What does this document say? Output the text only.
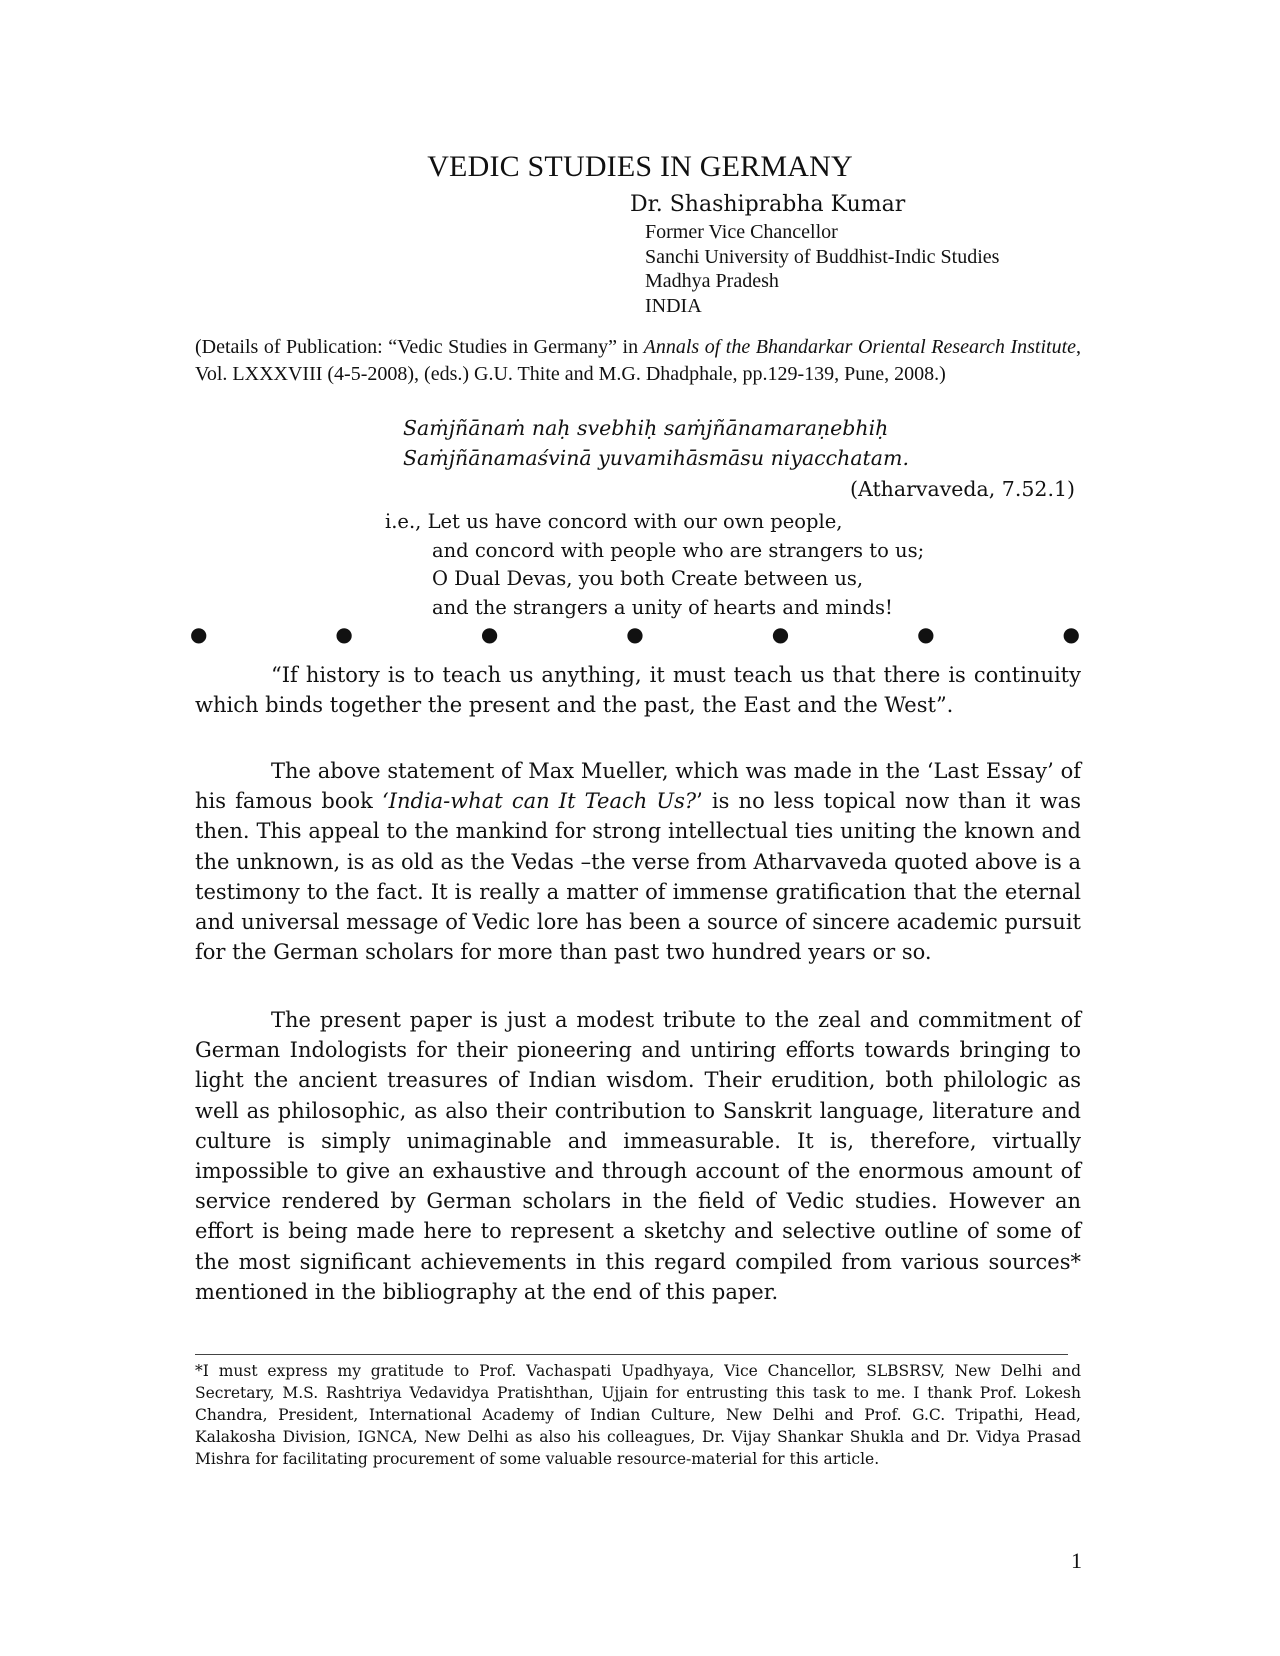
VEDIC STUDIES IN GERMANY
Dr. Shashiprabha Kumar
Former Vice Chancellor
Sanchi University of Buddhist-Indic Studies
Madhya Pradesh
INDIA
(Details of Publication: “Vedic Studies in Germany” in Annals of the Bhandarkar Oriental Research Institute, Vol. LXXXVIII (4-5-2008), (eds.) G.U. Thite and M.G. Dhadphale, pp.129-139, Pune, 2008.)
Saṁjñānaṁ naḥ svebhiḥ saṁjñānamaraṇebhiḥ
Saṁjñānamaśvinā yuvamihāsmāsu niyacchatam.
(Atharvaveda, 7.52.1)
i.e., Let us have concord with our own people,
and concord with people who are strangers to us;
O Dual Devas, you both Create between us,
and the strangers a unity of hearts and minds!
●	●	●	●	●	●	●

“If history is to teach us anything, it must teach us that there is continuity which binds together the present and the past, the East and the West”.

The above statement of Max Mueller, which was made in the ‘Last Essay’ of his famous book ‘India-what can It Teach Us?’ is no less topical now than it was then. This appeal to the mankind for strong intellectual ties uniting the known and the unknown, is as old as the Vedas –the verse from Atharvaveda quoted above is a testimony to the fact. It is really a matter of immense gratification that the eternal and universal message of Vedic lore has been a source of sincere academic pursuit for the German scholars for more than past two hundred years or so.

The present paper is just a modest tribute to the zeal and commitment of German Indologists for their pioneering and untiring efforts towards bringing to light the ancient treasures of Indian wisdom. Their erudition, both philologic as well as philosophic, as also their contribution to Sanskrit language, literature and culture is simply unimaginable and immeasurable. It is, therefore, virtually impossible to give an exhaustive and through account of the enormous amount of service rendered by German scholars in the field of Vedic studies. However an effort is being made here to represent a sketchy and selective outline of some of the most significant achievements in this regard compiled from various sources* mentioned in the bibliography at the end of this paper.

*I must express my gratitude to Prof. Vachaspati Upadhyaya, Vice Chancellor, SLBSRSV, New Delhi and Secretary, M.S. Rashtriya Vedavidya Pratishthan, Ujjain for entrusting this task to me. I thank Prof. Lokesh Chandra, President, International Academy of Indian Culture, New Delhi and Prof. G.C. Tripathi, Head, Kalakosha Division, IGNCA, New Delhi as also his colleagues, Dr. Vijay Shankar Shukla and Dr. Vidya Prasad Mishra for facilitating procurement of some valuable resource-material for this article.
1
